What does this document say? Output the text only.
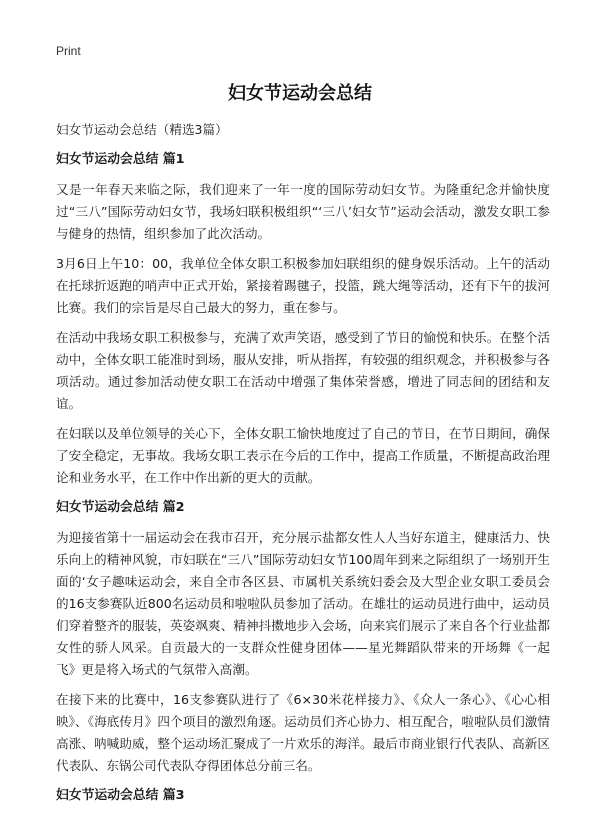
Print
妇女节运动会总结

妇女节运动会总结（精选3篇）

妇女节运动会总结 篇1

又是一年春天来临之际，我们迎来了一年一度的国际劳动妇女节。为隆重纪念并愉快度过“三八”国际劳动妇女节，我场妇联积极组织“‘三八’妇女节”运动会活动，激发女职工参与健身的热情，组织参加了此次活动。

3月6日上午10：00，我单位全体女职工积极参加妇联组织的健身娱乐活动。上午的活动在托球折返跑的哨声中正式开始，紧接着踢毽子，投篮，跳大绳等活动，还有下午的拔河比赛。我们的宗旨是尽自己最大的努力，重在参与。

在活动中我场女职工积极参与，充满了欢声笑语，感受到了节日的愉悦和快乐。在整个活动中，全体女职工能准时到场，服从安排，听从指挥，有较强的组织观念，并积极参与各项活动。通过参加活动使女职工在活动中增强了集体荣誉感，增进了同志间的团结和友谊。

在妇联以及单位领导的关心下，全体女职工愉快地度过了自己的节日，在节日期间，确保了安全稳定，无事故。我场女职工表示在今后的工作中，提高工作质量，不断提高政治理论和业务水平，在工作中作出新的更大的贡献。

妇女节运动会总结 篇2

为迎接省第十一届运动会在我市召开，充分展示盐都女性人人当好东道主，健康活力、快乐向上的精神风貌，市妇联在“三八”国际劳动妇女节100周年到来之际组织了一场别开生面的‘女子趣味运动会，来自全市各区县、市属机关系统妇委会及大型企业女职工委员会的16支参赛队近800名运动员和啦啦队员参加了活动。在雄壮的运动员进行曲中，运动员们穿着整齐的服装，英姿飒爽、精神抖擞地步入会场，向来宾们展示了来自各个行业盐都女性的骄人风采。自贡最大的一支群众性健身团体——星光舞蹈队带来的开场舞《一起飞》更是将入场式的气氛带入高潮。

在接下来的比赛中，16支参赛队进行了《6×30米花样接力》、《众人一条心》、《心心相映》、《海底传月》四个项目的激烈角逐。运动员们齐心协力、相互配合，啦啦队员们激情高涨、呐喊助威，整个运动场汇聚成了一片欢乐的海洋。最后市商业银行代表队、高新区代表队、东锅公司代表队夺得团体总分前三名。

妇女节运动会总结 篇3
